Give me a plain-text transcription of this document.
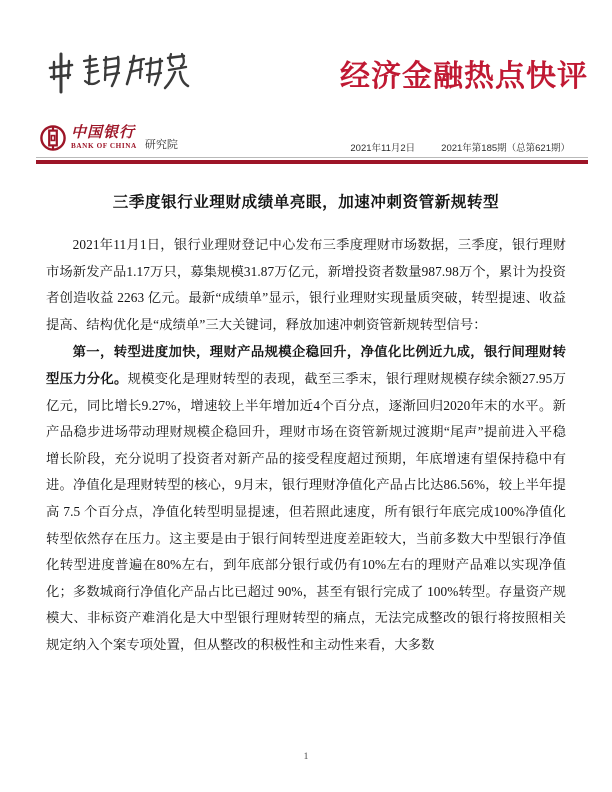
经济金融热点快评
中国银行
BANK OF CHINA 研究院	2021年11月2日	2021年第185期（总第621期）
三季度银行业理财成绩单亮眼，加速冲刺资管新规转型

2021年11月1日，银行业理财登记中心发布三季度理财市场数据，三季度，银行理财市场新发产品1.17万只，募集规模31.87万亿元，新增投资者数量987.98万个，累计为投资者创造收益 2263 亿元。最新“成绩单”显示，银行业理财实现量质突破，转型提速、收益提高、结构优化是“成绩单”三大关键词，释放加速冲刺资管新规转型信号：

第一，转型进度加快，理财产品规模企稳回升，净值化比例近九成，银行间理财转型压力分化。规模变化是理财转型的表现，截至三季末，银行理财规模存续余额27.95万亿元，同比增长9.27%，增速较上半年增加近4个百分点，逐渐回归2020年末的水平。新产品稳步进场带动理财规模企稳回升，理财市场在资管新规过渡期“尾声”提前进入平稳增长阶段，充分说明了投资者对新产品的接受程度超过预期，年底增速有望保持稳中有进。净值化是理财转型的核心，9月末，银行理财净值化产品占比达86.56%，较上半年提高 7.5 个百分点，净值化转型明显提速，但若照此速度，所有银行年底完成100%净值化转型依然存在压力。这主要是由于银行间转型进度差距较大，当前多数大中型银行净值化转型进度普遍在80%左右，到年底部分银行或仍有10%左右的理财产品难以实现净值化；多数城商行净值化产品占比已超过 90%，甚至有银行完成了 100%转型。存量资产规模大、非标资产难消化是大中型银行理财转型的痛点，无法完成整改的银行将按照相关规定纳入个案专项处置，但从整改的积极性和主动性来看，大多数

1
